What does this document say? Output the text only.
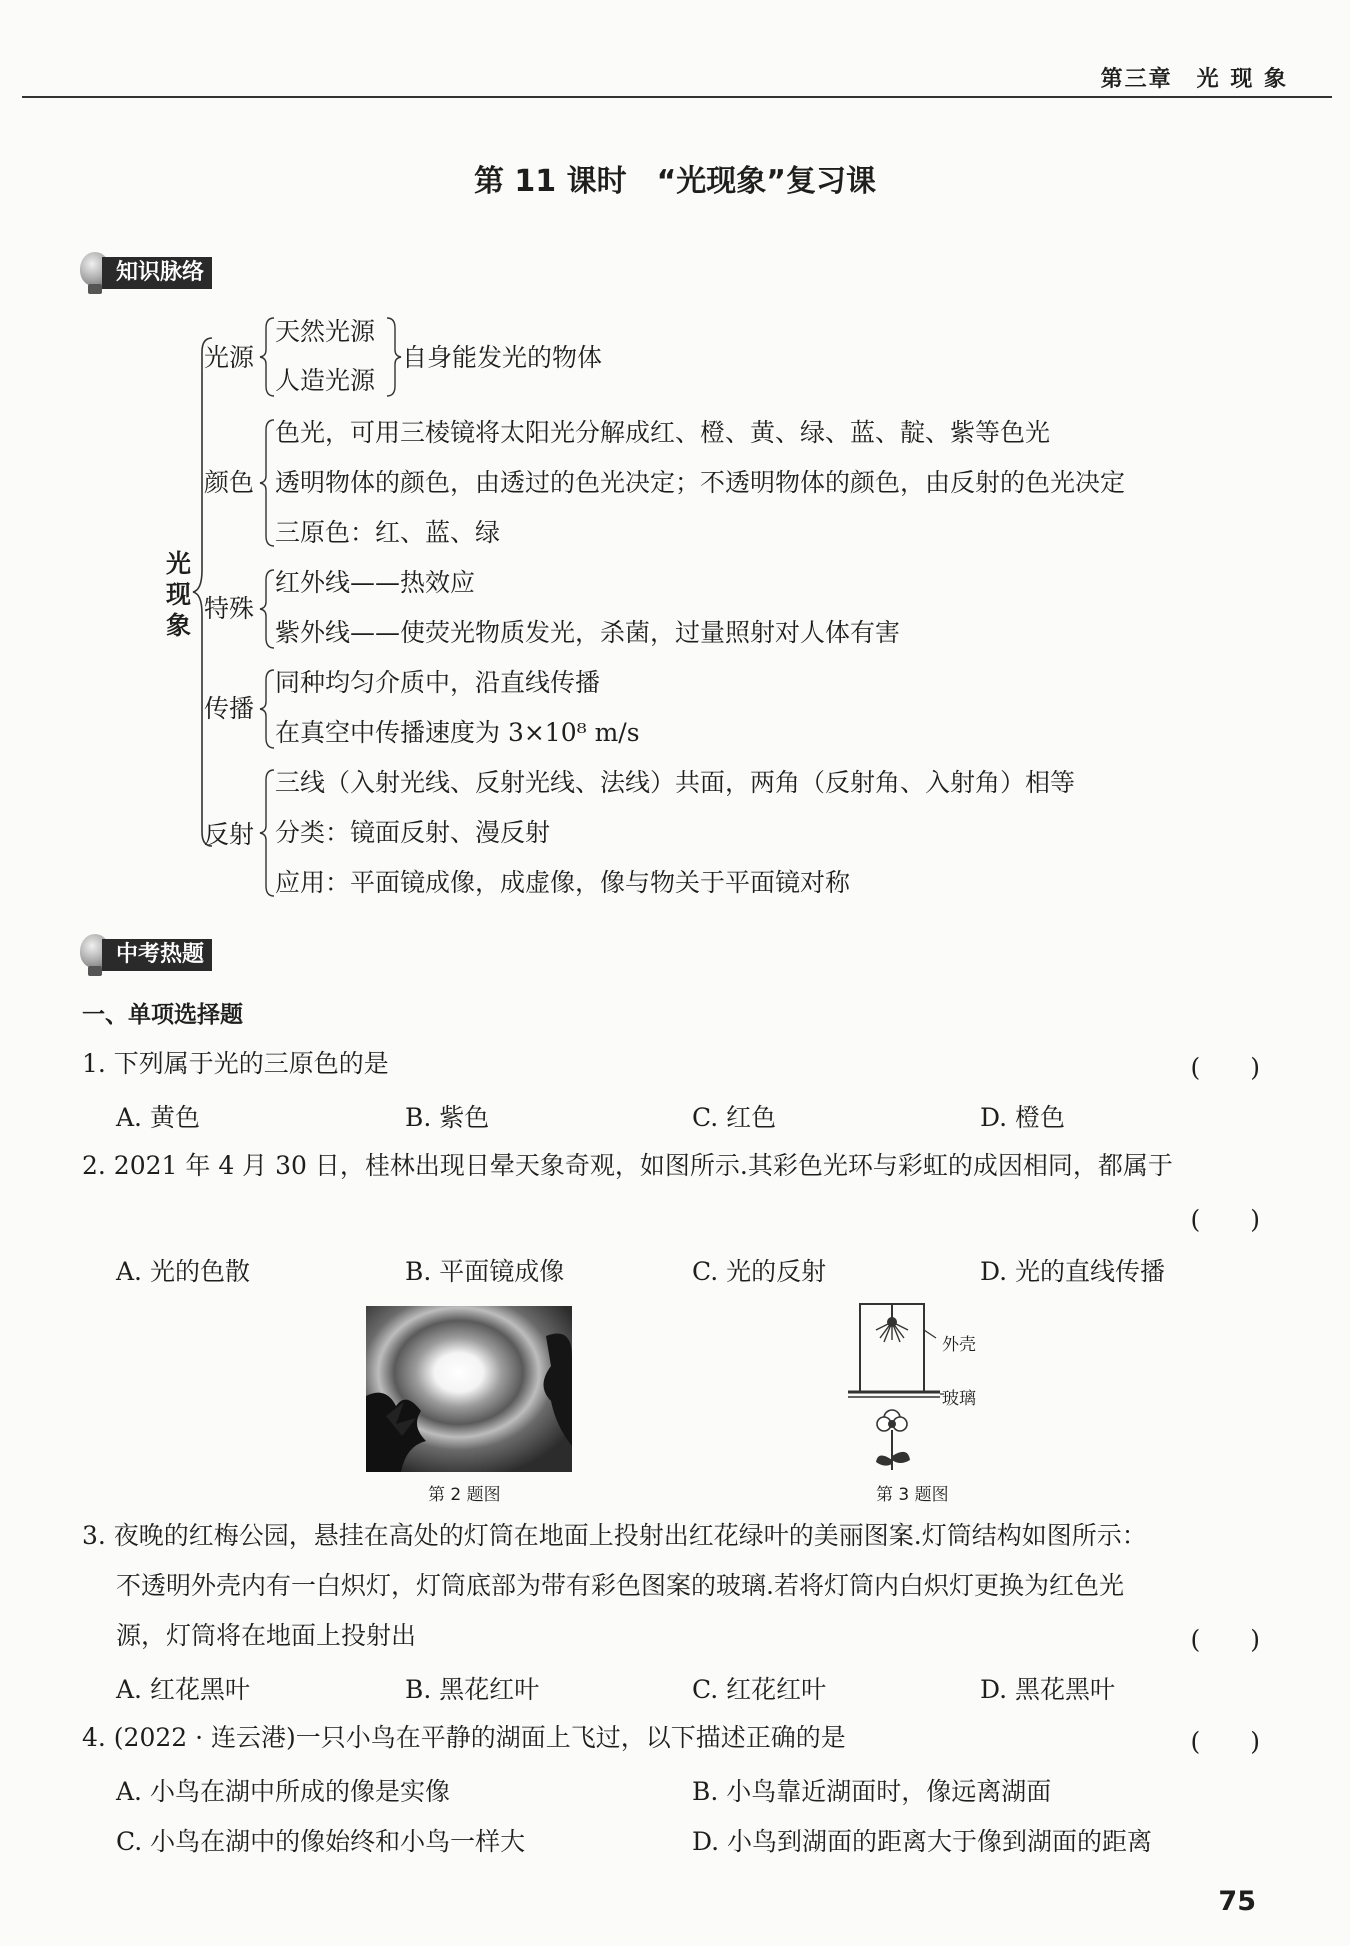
第三章　光 现 象
第 11 课时　“光现象”复习课
知识脉络
光
现
象
光源
天然光源
人造光源
自身能发光的物体
颜色
色光，可用三棱镜将太阳光分解成红、橙、黄、绿、蓝、靛、紫等色光
透明物体的颜色，由透过的色光决定；不透明物体的颜色，由反射的色光决定
三原色：红、蓝、绿
特殊
红外线——热效应
紫外线——使荧光物质发光，杀菌，过量照射对人体有害
传播
同种均匀介质中，沿直线传播
在真空中传播速度为 3×10⁸ m/s
反射
三线（入射光线、反射光线、法线）共面，两角（反射角、入射角）相等
分类：镜面反射、漫反射
应用：平面镜成像，成虚像，像与物关于平面镜对称
中考热题
一、单项选择题
1. 下列属于光的三原色的是	(　　)
A. 黄色	B. 紫色	C. 红色	D. 橙色
2. 2021 年 4 月 30 日，桂林出现日晕天象奇观，如图所示.其彩色光环与彩虹的成因相同，都属于
(　　)
A. 光的色散	B. 平面镜成像	C. 光的反射	D. 光的直线传播
第 2 题图
外壳
玻璃
第 3 题图
3. 夜晚的红梅公园，悬挂在高处的灯筒在地面上投射出红花绿叶的美丽图案.灯筒结构如图所示：
不透明外壳内有一白炽灯，灯筒底部为带有彩色图案的玻璃.若将灯筒内白炽灯更换为红色光
源，灯筒将在地面上投射出	(　　)
A. 红花黑叶	B. 黑花红叶	C. 红花红叶	D. 黑花黑叶
4. (2022 · 连云港)一只小鸟在平静的湖面上飞过，以下描述正确的是	(　　)
A. 小鸟在湖中所成的像是实像	B. 小鸟靠近湖面时，像远离湖面
C. 小鸟在湖中的像始终和小鸟一样大	D. 小鸟到湖面的距离大于像到湖面的距离
75
